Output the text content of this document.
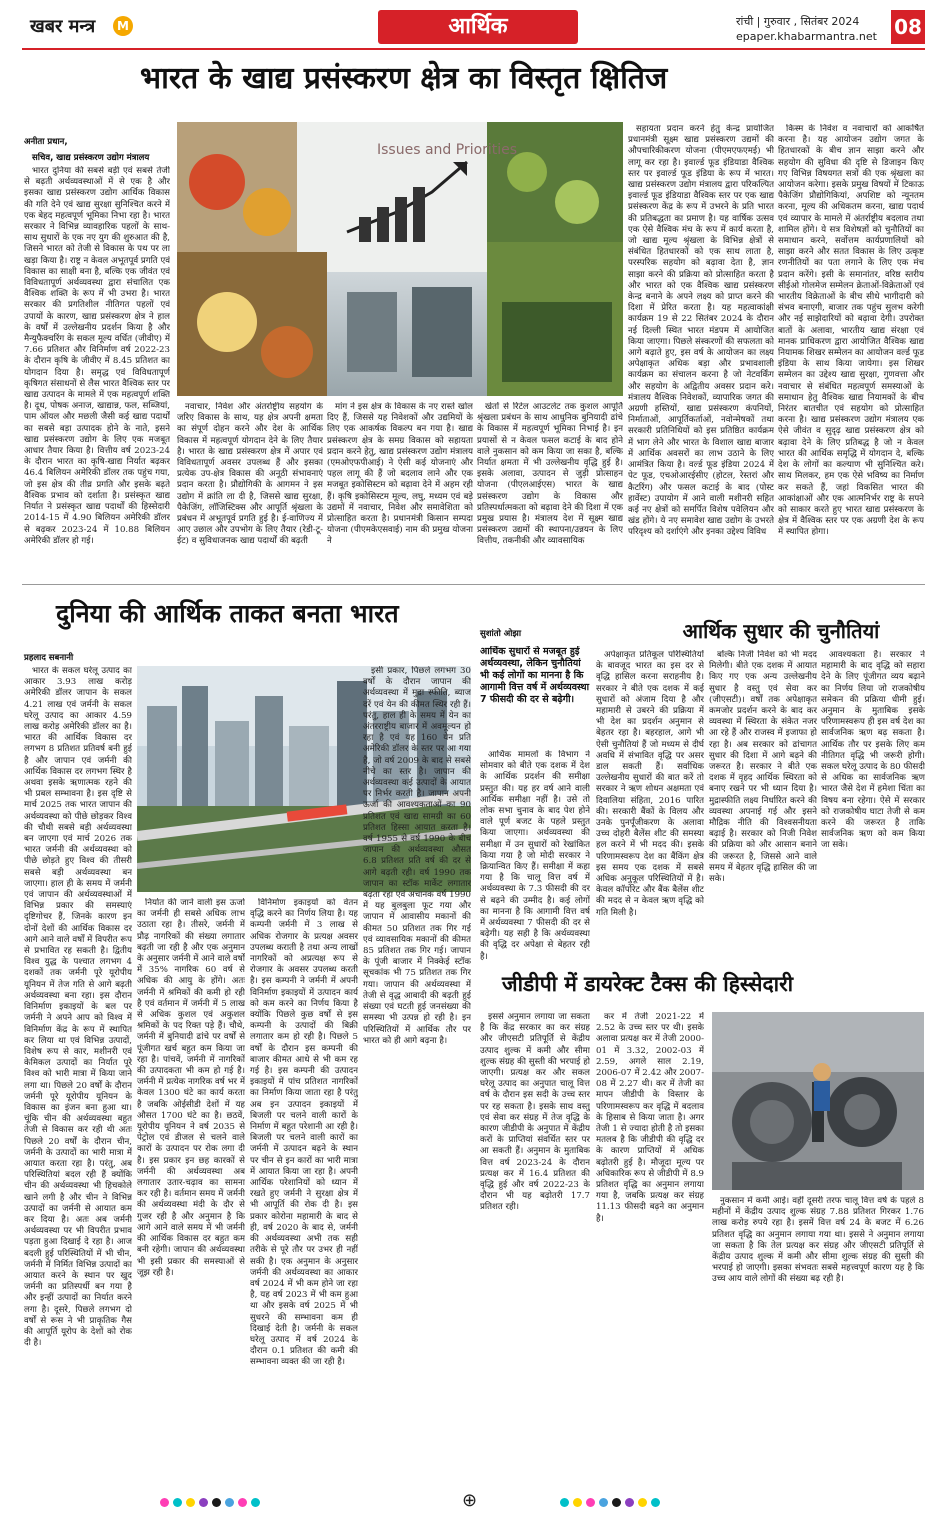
खबर मन्त्र	M	आर्थिक	रांची | गुरुवार , सितंबर 2024
epaper.khabarmantra.net 08
भारत के खाद्य प्रसंस्करण क्षेत्र का विस्तृत क्षितिज
अनीता प्रधान,
सचिव, खाद्य प्रसंस्करण उद्योग मंत्रालय

भारत दुनिया की सबसे बड़ी एवं सबसे तेजी से बढ़ती अर्थव्यवस्थाओं में से एक है और इसका खाद्य प्रसंस्करण उद्योग आर्थिक विकास की गति देने एवं खाद्य सुरक्षा सुनिश्चित करने में एक बेहद महत्वपूर्ण भूमिका निभा रहा है। भारत सरकार ने विभिन्न व्यावहारिक पहलों के साथ-साथ सुधारों के एक नए युग की शुरुआत की है, जिसने भारत को तेजी से विकास के पथ पर ला खड़ा किया है। राष्ट्र न केवल अभूतपूर्व प्रगति एवं विकास का साक्षी बना है, बल्कि एक जीवंत एवं विविधतापूर्ण अर्थव्यवस्था द्वारा संचालित एक वैश्विक शक्ति के रूप में भी उभरा है। भारत सरकार की प्रगतिशील नीतिगत पहलों एवं उपायों के कारण, खाद्य प्रसंस्करण क्षेत्र ने हाल के वर्षों में उल्लेखनीय प्रदर्शन किया है और मैन्युफैक्चरिंग के सकल मूल्य वर्धित (जीवीए) में 7.66 प्रतिशत और विनिर्माण वर्ष 2022-23 के दौरान कृषि के जीवीए में 8.45 प्रतिशत का योगदान दिया है। समृद्ध एवं विविधतापूर्ण कृषिगत संसाधनों से लैस भारत वैश्विक स्तर पर खाद्य उत्पादन के मामले में एक महत्वपूर्ण शक्ति है। दूध, पोषक अनाज, खाद्यान्न, फल, सब्जियां, पाम ऑयल और मछली जैसी कई खाद्य पदार्थों का सबसे बड़ा उत्पादक होने के नाते, इसने खाद्य प्रसंस्करण उद्योग के लिए एक मजबूत आधार तैयार किया है। वित्तीय वर्ष 2023-24 के दौरान भारत का कृषि-खाद्य निर्यात बढ़कर 46.4 बिलियन अमेरिकी डॉलर तक पहुंच गया, जो इस क्षेत्र की तीव्र प्रगति और इसके बढ़ते वैश्विक प्रभाव को दर्शाता है। प्रसंस्कृत खाद्य निर्यात ने प्रसंस्कृत खाद्य पदार्थों की हिस्सेदारी 2014-15 में 4.90 बिलियन अमेरिकी डॉलर से बढ़कर 2023-24 में 10.88 बिलियन अमेरिकी डॉलर हो गई।

Issues and Priorities

नवाचार, निवेश और अंतर्राष्ट्रीय सहयोग के जरिए विकास के साथ, यह क्षेत्र अपनी क्षमता का संपूर्ण दोहन करने और देश के आर्थिक विकास में महत्वपूर्ण योगदान देने के लिए तैयार है। भारत के खाद्य प्रसंस्करण क्षेत्र में अपार एवं विविधतापूर्ण अवसर उपलब्ध हैं और इसका प्रत्येक उप-क्षेत्र विकास की अनूठी संभावनाएं प्रदान करता है। प्रौद्योगिकी के आगमन ने इस उद्योग में क्रांति ला दी है, जिससे खाद्य सुरक्षा, पैकेजिंग, लॉजिस्टिक्स और आपूर्ति श्रृंखला के प्रबंधन में अभूतपूर्व प्रगति हुई है। ई-वाणिज्य में आए उछाल और उपभोग के लिए तैयार (रेडी-टू-ईट) व सुविधाजनक खाद्य पदार्थों की बढ़ती

मांग ने इस क्षेत्र के विकास के नए रास्ते खोल दिए हैं, जिससे यह निवेशकों और उद्यमियों के लिए एक आकर्षक विकल्प बन गया है। खाद्य प्रसंस्करण क्षेत्र के समग्र विकास को सहायता प्रदान करने हेतु, खाद्य प्रसंस्करण उद्योग मंत्रालय (एमओएफपीआई) ने ऐसी कई योजनाएं और पहल लागू की हैं जो बदलाव लाने और एक मजबूत इकोसिस्टम को बढ़ावा देने में अहम रही हैं। कृषि इकोसिस्टम मूल्य, लघु, मध्यम एवं बड़े उद्यमों में नवाचार, निवेश और समावेशिता को प्रोत्साहित करता है। प्रधानमंत्री किसान सम्पदा योजना (पीएमकेएसवाई) नाम की प्रमुख योजना ने

खेतों से रिटेल आउटलेट तक कुशल आपूर्ति श्रृंखला प्रबंधन के साथ आधुनिक बुनियादी ढांचे के विकास में महत्वपूर्ण भूमिका निभाई है। इन प्रयासों से न केवल फसल कटाई के बाद होने वाले नुकसान को कम किया जा सका है, बल्कि निर्यात क्षमता में भी उल्लेखनीय वृद्धि हुई है। इसके अलावा, उत्पादन से जुड़ी प्रोत्साहन योजना (पीएलआईएस) भारत के खाद्य प्रसंस्करण उद्योग के विकास और प्रतिस्पर्धात्मकता को बढ़ावा देने की दिशा में एक प्रमुख प्रयास है। मंत्रालय देश में सूक्ष्म खाद्य प्रसंस्करण उद्यमों की स्थापना/उन्नयन के लिए वित्तीय, तकनीकी और व्यावसायिक

सहायता प्रदान करने हेतु केन्द्र प्रायोजित प्रधानमंत्री सूक्ष्म खाद्य प्रसंस्करण उद्यमों की औपचारिकीकरण योजना (पीएमएफएमई) भी लागू कर रहा है। इवार्ल्ड फूड इंडियाडा वैश्विक स्तर पर इवार्ल्ड फूड इंडिया के रूप में भारत। खाद्य प्रसंस्करण उद्योग मंत्रालय द्वारा परिकल्पित इवार्ल्ड फूड इंडियाडा वैश्विक स्तर पर एक खाद्य प्रसंस्करण केंद्र के रूप में उभरने के प्रति भारत की प्रतिबद्धता का प्रमाण है। यह वार्षिक उत्सव एक ऐसे वैश्विक मंच के रूप में कार्य करता है, जो खाद्य मूल्य श्रृंखला के विभिन्न क्षेत्रों से संबंधित हितधारकों को एक साथ लाता है, परस्परिक सहयोग को बढ़ावा देता है, ज्ञान साझा करने की प्रक्रिया को प्रोत्साहित करता है और भारत को एक वैश्विक खाद्य प्रसंस्करण केन्द्र बनाने के अपने लक्ष्य को प्राप्त करने की दिशा में प्रेरित करता है। यह महत्वाकांक्षी कार्यक्रम 19 से 22 सितंबर 2024 के दौरान नई दिल्ली स्थित भारत मंडपम में आयोजित किया जाएगा। पिछले संस्करणों की सफलता को आगे बढ़ाते हुए, इस वर्ष के आयोजन का लक्ष्य अपेक्षाकृत अधिक बड़ा और प्रभावशाली कार्यक्रम का संचालन करना है जो नेटवर्किंग और सहयोग के अद्वितीय अवसर प्रदान करे। मंत्रालय वैश्विक निवेशकों, व्यापारिक जगत की अग्रणी हस्तियों, खाद्य प्रसंस्करण कंपनियों, निर्माताओं, आपूर्तिकर्ताओं, नवोन्मेषकों तथा सरकारी प्रतिनिधियों को इस प्रतिष्ठित कार्यक्रम में भाग लेने और भारत के विशाल खाद्य बाजार में आर्थिक अवसरों का लाभ उठाने के लिए आमंत्रित किया है। वर्ल्ड फूड इंडिया 2024 में पेट फूड, एचओआरईसीए (होटल, रेस्तरां और कैटरिंग) और फसल कटाई के बाद (पोस्ट हार्वेस्ट) उपायोग में आने वाली मशीनरी सहित कई नए क्षेत्रों को समर्पित विशेष पवेलियन और खंड होंगे। ये नए समावेश खाद्य उद्योग के उभरते परिदृश्य को दर्शाएंगे और इनका उद्देश्य विविध

किस्म के निवेश व नवाचारों को आकर्षित करना है। यह आयोजन उद्योग जगत के हितधारकों के बीच ज्ञान साझा करने और सहयोग की सुविधा की दृष्टि से डिजाइन किए गए विभिन्न विषयगत सत्रों की एक श्रृंखला का आयोजन करेगा। इसके प्रमुख विषयों में टिकाऊ पैकेजिंग प्रौद्योगिकियां, अपशिष्ट को न्यूनतम करना, मूल्य की अधिकतम करना, खाद्य पदार्थ एवं व्यापार के मामले में अंतर्राष्ट्रीय बदलाव तथा शामिल होंगे। ये सत्र विशेषज्ञों को चुनौतियों का समाधान करने, सर्वोत्तम कार्यप्रणालियों को साझा करने और सतत विकास के लिए उत्कृष्ट रणनीतियों का पता लगाने के लिए एक मंच प्रदान करेंगे। इसी के समानांतर, वरिष्ठ स्तरीय सीईओ गोलमेज सम्मेलन क्रेताओं-विक्रेताओं एवं भारतीय विक्रेताओं के बीच सीधे भागीदारी को संभव बनाएगी, बाजार तक पहुंच सुलभ करेगी और नई साझेदारियों को बढ़ावा देगी। उपरोक्त बातों के अलावा, भारतीय खाद्य संरक्षा एवं मानक प्राधिकरण द्वारा आयोजित वैश्विक खाद्य नियामक शिखर सम्मेलन का आयोजन वर्ल्ड फूड इंडिया के साथ किया जायेगा। इस शिखर सम्मेलन का उद्देश्य खाद्य सुरक्षा, गुणवत्ता और नवाचार से संबंधित महत्वपूर्ण समस्याओं के समाधान हेतु वैश्विक खाद्य नियामकों के बीच निरंतर बातचीत एवं सहयोग को प्रोत्साहित करना है। खाद्य प्रसंस्करण उद्योग मंत्रालय एक ऐसे जीवंत व सुदृढ़ खाद्य प्रसंस्करण क्षेत्र को बढ़ावा देने के लिए प्रतिबद्ध है जो न केवल भारत की आर्थिक समृद्धि में योगदान दे, बल्कि देश के लोगों का कल्याण भी सुनिश्चित करे। साथ मिलकर, हम एक ऐसे भविष्य का निर्माण कर सकते हैं, जहां विकसित भारत की आकांक्षाओं और एक आत्मनिर्भर राष्ट्र के सपने को साकार करते हुए भारत खाद्य प्रसंस्करण के क्षेत्र में वैश्विक स्तर पर एक अग्रणी देश के रूप में स्थापित होगा।

दुनिया की आर्थिक ताकत बनता भारत
प्रहलाद सबनानी

भारत के सकल घरेलू उत्पाद का आकार 3.93 लाख करोड़ अमेरिकी डॉलर जापान के सकल 4.21 लाख एवं जर्मनी के सकल घरेलू उत्पाद का आकार 4.59 लाख करोड़ अमेरिकी डॉलर का है। भारत की आर्थिक विकास दर लगभग 8 प्रतिशत प्रतिवर्ष बनी हुई है और जापान एवं जर्मनी की आर्थिक विकास दर लगभग स्थिर है अथवा इसके ऋणात्मक रहने की भी प्रबल सम्भावना है। इस दृष्टि से मार्च 2025 तक भारत जापान की अर्थव्यवस्था को पीछे छोड़कर विश्व की चौथी सबसे बड़ी अर्थव्यवस्था बन जाएगा एवं मार्च 2026 तक भारत जर्मनी की अर्थव्यवस्था को पीछे छोड़ते हुए विश्व की तीसरी सबसे बड़ी अर्थव्यवस्था बन जाएगा। हाल ही के समय में जर्मनी एवं जापान की अर्थव्यवस्थाओं में विभिन्न प्रकार की समस्याएं दृष्टिगोचर हैं, जिनके कारण इन दोनों देशों की आर्थिक विकास दर आगे आने वाले वर्षों में विपरीत रूप से प्रभावित रह सकती है। द्वितीय विश्व युद्ध के पश्चात लगभग 4 दशकों तक जर्मनी पूरे यूरोपीय यूनियन में तेज गति से आगे बढ़ती अर्थव्यवस्था बना रहा। इस दौरान विनिर्माण इकाइयों के बल पर जर्मनी ने अपने आप को विश्व में विनिर्माण केंद्र के रूप में स्थापित कर लिया था एवं विभिन्न उत्पादों, विशेष रूप से कार, मशीनरी एवं केमिकल उत्पादों का निर्यात पूरे विश्व को भारी मात्रा में किया जाने लगा था। पिछले 20 वर्षों के दौरान जर्मनी पूरे यूरोपीय यूनियन के विकास का इंजन बना हुआ था। चूंकि चीन की अर्थव्यवस्था बहुत तेजी से विकास कर रही थी अतः पिछले 20 वर्षों के दौरान चीन, जर्मनी के उत्पादों का भारी मात्रा में आयात करता रहा है। परंतु, अब परिस्थितियां बदल रही हैं क्योंकि चीन की अर्थव्यवस्था भी हिचकोले खाने लगी है और चीन ने विभिन्न उत्पादों का जर्मनी से आयात कम कर दिया है। अतः अब जर्मनी अर्थव्यवस्था पर भी विपरीत प्रभाव पड़ता हुआ दिखाई दे रहा है। आज बदली हुई परिस्थितियों में भी चीन, जर्मनी में निर्मित विभिन्न उत्पादों का आयात करने के स्थान पर खुद जर्मनी का प्रतिस्पर्धी बन गया है और इन्हीं उत्पादों का निर्यात करने लगा है। दूसरे, पिछले लगभग दो वर्षों से रूस ने भी प्राकृतिक गैस की आपूर्ति यूरोप के देशों को रोक दी है।

निर्यात की जाने वाली इस ऊर्जा का जर्मनी ही सबसे अधिक लाभ उठाता रहा है। तीसरे, जर्मनी में प्रौढ़ नागरिकों की संख्या लगातार बढ़ती जा रही है और एक अनुमान के अनुसार जर्मनी में आने वाले वर्षों में 35% नागरिक 60 वर्ष से अधिक की आयु के होंगे। अतः जर्मनी में श्रमिकों की कमी हो रही है एवं वर्तमान में जर्मनी में 5 लाख से अधिक कुशल एवं अकुशल श्रमिकों के पद रिक्त पड़े हैं। चौथे, जर्मनी में बुनियादी ढांचे पर वर्षों से पूंजीगत खर्च बहुत कम किया जा रहा है। पांचवें, जर्मनी में नागरिकों की उत्पादकता भी कम हो गई है। जर्मनी में प्रत्येक नागरिक वर्ष भर में केवल 1300 घंटे का कार्य करता है जबकि ओईसीडी देशों में यह औसत 1700 घंटे का है। छठवें, यूरोपीय यूनियन ने वर्ष 2035 से पेट्रोल एवं डीजल से चलने वाले कारों के उत्पादन पर रोक लगा दी है। इस प्रकार इन छह कारकों से जर्मनी की अर्थव्यवस्था अब लगातार उतार-चढ़ाव का सामना कर रही है। वर्तमान समय में जर्मनी की अर्थव्यवस्था मंदी के दौर से गुजर रही है और अनुमान है कि आगे आने वाले समय में भी जर्मनी की आर्थिक विकास दर बहुत कम बनी रहेगी। जापान की अर्थव्यवस्था भी इसी प्रकार की समस्याओं से जूझ रही है।

विनिर्माण इकाइयों को वेतन वृद्धि करने का निर्णय लिया है। यह कम्पनी जर्मनी में 3 लाख से अधिक रोजगार के प्रत्यक्ष अवसर उपलब्ध कराती है तथा अन्य लाखों नागरिकों को अप्रत्यक्ष रूप से रोजगार के अवसर उपलब्ध करती है। इस कम्पनी ने जर्मनी में अपनी विनिर्माण इकाइयों में उत्पादन कार्य को कम करने का निर्णय किया है क्योंकि पिछले कुछ वर्षों से इस कम्पनी के उत्पादों की बिक्री लगातार कम हो रही है। पिछले 5 वर्षों के दौरान इस कम्पनी की बाजार कीमत आधे से भी कम रह गई है। इस कम्पनी की उत्पादन इकाइयों में पांच प्रतिशत नागरिकों का निर्माण किया जाता रहा है परंतु अब इन उत्पादन इकाइयों में बिजली पर चलने वाली कारों के निर्माण में बहुत परेशानी आ रही है। बिजली पर चलने वाली कारों का जर्मनी में उत्पादन बढ़ने के स्थान पर चीन से इन कारों का भारी मात्रा में आयात किया जा रहा है। अपनी आर्थिक परेशानियों को ध्यान में रखते हुए जर्मनी ने सुरक्षा क्षेत्र में भी आपूर्ति की रोक दी है। इस प्रकार कोरोना महामारी के बाद से ही, वर्ष 2020 के बाद से, जर्मनी की अर्थव्यवस्था अभी तक सही तरीके से पूरे तौर पर उभर ही नहीं सकी है। एक अनुमान के अनुसार जर्मनी की अर्थव्यवस्था का आकार वर्ष 2024 में भी कम होने जा रहा है, यह वर्ष 2023 में भी कम हुआ था और इसके वर्ष 2025 में भी सुधरने की सम्भावना कम ही दिखाई देती है। जर्मनी के सकल घरेलू उत्पाद में वर्ष 2024 के दौरान 0.1 प्रतिशत की कमी की सम्भावना व्यक्त की जा रही है।

इसी प्रकार, पिछले लगभग 30 वर्षों के दौरान जापान की अर्थव्यवस्था में मुद्रा स्फीति, ब्याज दरें एवं येन की कीमत स्थिर रही हैं। परंतु, हाल ही के समय में येन का अंतरराष्ट्रीय बाजार में अवमूल्यन हो रहा है एवं यह 160 येन प्रति अमेरिकी डॉलर के स्तर पर आ गया है, जो वर्ष 2009 के बाद से सबसे नीचे का स्तर है। जापान की अर्थव्यवस्था कई उत्पादों के आयात पर निर्भर करती है। जापान अपनी ऊर्जा की आवश्यकताओं का 90 प्रतिशत एवं खाद्य सामग्री का 60 प्रतिशत हिस्सा आयात करता है। वर्ष 1955 से वर्ष 1990 के बीच जापान की अर्थव्यवस्था औसत 6.8 प्रतिशत प्रति वर्ष की दर से आगे बढ़ती रही। वर्ष 1990 तक जापान का स्टॉक मार्केट लगातार बढ़ता रहा एवं अचानक वर्ष 1990 में यह बुलबुला फूट गया और जापान में आवासीय मकानों की कीमत 50 प्रतिशत तक गिर गई एवं व्यावसायिक मकानों की कीमत 85 प्रतिशत तक गिर गई। जापान के पूंजी बाजार में निक्केई स्टॉक सूचकांक भी 75 प्रतिशत तक गिर गया। जापान की अर्थव्यवस्था में तेजी से वृद्ध आबादी की बढ़ती हुई संख्या एवं घटती हुई जनसंख्या की समस्या भी उत्पन्न हो रही है। इन परिस्थितियों में आर्थिक तौर पर भारत को ही आगे बढ़ना है।

सुशांतो ओझा	आर्थिक सुधार की चुनौतियां
आर्थिक सुधारों से मजबूत हुई अर्थव्यवस्था, लेकिन चुनौतियां भी कई लोगों का मानना है कि आगामी वित्त वर्ष में अर्थव्यवस्था 7 फीसदी की दर से बढ़ेगी।

आर्थिक मामलों के विभाग ने सोमवार को बीते एक दशक में देश के आर्थिक प्रदर्शन की समीक्षा प्रस्तुत की। यह हर वर्ष आने वाली आर्थिक समीक्षा नहीं है। उसे तो लोक सभा चुनाव के बाद पेश होने वाले पूर्ण बजट के पहले प्रस्तुत किया जाएगा। अर्थव्यवस्था की समीक्षा में उन सुधारों को रेखांकित किया गया है जो मोदी सरकार ने क्रियान्वित किए हैं। समीक्षा में कहा गया है कि चालू वित्त वर्ष में अर्थव्यवस्था के 7.3 फीसदी की दर से बढ़ने की उम्मीद है। कई लोगों का मानना है कि आगामी वित्त वर्ष में अर्थव्यवस्था 7 फीसदी की दर से बढ़ेगी। यह सही है कि अर्थव्यवस्था की वृद्धि दर अपेक्षा से बेहतर रही है।

अपेक्षाकृत प्रतिकूल परिस्थितियों के बावजूद भारत का इस दर से वृद्धि हासिल करना सराहनीय है। सरकार ने बीते एक दशक में कई सुधारों को अंजाम दिया है और महामारी से उबरने की प्रक्रिया में भी देश का प्रदर्शन अनुमान से बेहतर रहा है। बहरहाल, आगे भी ऐसी चुनौतियां हैं जो मध्यम से दीर्घ अवधि में संभावित वृद्धि पर असर डाल सकती हैं। सर्वाधिक उल्लेखनीय सुधारों की बात करें तो सरकार ने ऋण शोधन अक्षमता एवं दिवालिया संहिता, 2016 पारित की। सरकारी बैंकों के विलय और उनके पुनर्पूंजीकरण के अलावा उच्च दोहरी बैलेंस शीट की समस्या हल करने में भी मदद की। इसके परिणामस्वरूप देश का बैंकिंग क्षेत्र इस समय एक दशक में सबसे अधिक अनुकूल परिस्थितियों में है। केवल कॉर्पोरेट और बैंक बैलेंस शीट की मदद से न केवल ऋण वृद्धि को गति मिली है।

बल्कि निजी निवेश को भी मदद मिलेगी। बीते एक दशक में आयात किए गए एक अन्य उल्लेखनीय सुधार है वस्तु एवं सेवा कर (जीएसटी)। वर्षों तक अपेक्षाकृत कमजोर प्रदर्शन करने के बाद कर व्यवस्था में स्थिरता के संकेत नजर आ रहे हैं और राजस्व में इजाफा हो रहा है। अब सरकार को ढांचागत सुधार की दिशा में आगे बढ़ने की जरूरत है। सरकार ने बीते एक दशक में वृहद आर्थिक स्थिरता को बनाए रखने पर भी ध्यान दिया है। मुद्रास्फीति लक्ष्य निर्धारित करने की व्यवस्था अपनाई गई और इसने मौद्रिक नीति की विश्वसनीयता बढ़ाई है। सरकार को निजी निवेश की प्रक्रिया को और आसान बनाने की जरूरत है, जिससे आने वाले समय में बेहतर वृद्धि हासिल की जा सके।

आवश्यकता है। सरकार ने महामारी के बाद वृद्धि को सहारा देने के लिए पूंजीगत व्यय बढ़ाने का निर्णय लिया जो राजकोषीय समेकन की प्रक्रिया धीमी हुई। अनुमान के मुताबिक इसके परिणामस्वरूप ही इस वर्ष देश का सार्वजनिक ऋण बढ़ सकता है। आर्थिक तौर पर इसके लिए कम नीतिगत वृद्धि भी जरूरी होगी। सकल घरेलू उत्पाद के 80 फीसदी से अधिक का सार्वजनिक ऋण भारत जैसे देश में हमेशा चिंता का विषय बना रहेगा। ऐसे में सरकार को राजकोषीय घाटा तेजी से कम करने की जरूरत है ताकि सार्वजनिक ऋण को कम किया जा सके।

जीडीपी में डायरेक्ट टैक्स की हिस्सेदारी

इससे अनुमान लगाया जा सकता है कि केंद्र सरकार का कर संग्रह और जीएसटी प्रतिपूर्ति से केंद्रीय उत्पाद शुल्क में कमी और सीमा शुल्क संग्रह की सुस्ती की भरपाई हो जाएगी। प्रत्यक्ष कर और सकल घरेलू उत्पाद का अनुपात चालू वित्त वर्ष के दौरान इस सदी के उच्च स्तर पर रह सकता है। इसके साथ वस्तु एवं सेवा कर संग्रह में तेज वृद्धि के कारण जीडीपी के अनुपात में केंद्रीय करों के प्राप्तियां संवर्धित स्तर पर आ सकती हैं। अनुमान के मुताबिक वित्त वर्ष 2023-24 के दौरान प्रत्यक्ष कर में 16.4 प्रतिशत की वृद्धि हुई और वर्ष 2022-23 के दौरान भी यह बढ़ोतरी 17.7 प्रतिशत रही।

कर में तेजी 2021-22 में 2.52 के उच्च स्तर पर थी। इसके अलावा प्रत्यक्ष कर में तेजी 2000-01 में 3.32, 2002-03 में 2.59, अगले साल 2.19, 2006-07 में 2.42 और 2007-08 में 2.27 थी। कर में तेजी का मापन जीडीपी के विस्तार के परिणामस्वरूप कर वृद्धि में बदलाव के हिसाब से किया जाता है। अगर तेजी 1 से ज्यादा होती है तो इसका मतलब है कि जीडीपी की वृद्धि दर के कारण प्राप्तियों में अधिक बढ़ोतरी हुई है। मौजूदा मूल्य पर अधिकारिक रूप से जीडीपी में 8.9 प्रतिशत वृद्धि का अनुमान लगाया गया है, जबकि प्रत्यक्ष कर संग्रह 11.13 फीसदी बढ़ने का अनुमान है।

नुकसान में कमी आई। वहीं दूसरी तरफ चालू वित्त वर्ष के पहले 8 महीनों में केंद्रीय उत्पाद शुल्क संग्रह 7.88 प्रतिशत गिरकर 1.76 लाख करोड़ रुपये रहा है। इसमें वित्त वर्ष 24 के बजट में 6.26 प्रतिशत वृद्धि का अनुमान लगाया गया था। इससे ने अनुमान लगाया जा सकता है कि तेल प्रत्यक्ष कर संग्रह और जीएसटी प्रतिपूर्ति से केंद्रीय उत्पाद शुल्क में कमी और सीमा शुल्क संग्रह की सुस्ती की भरपाई हो जाएगी। इसका संभवतः सबसे महत्त्वपूर्ण कारण यह है कि उच्च आय वाले लोगों की संख्या बढ़ रही है।

⊕
